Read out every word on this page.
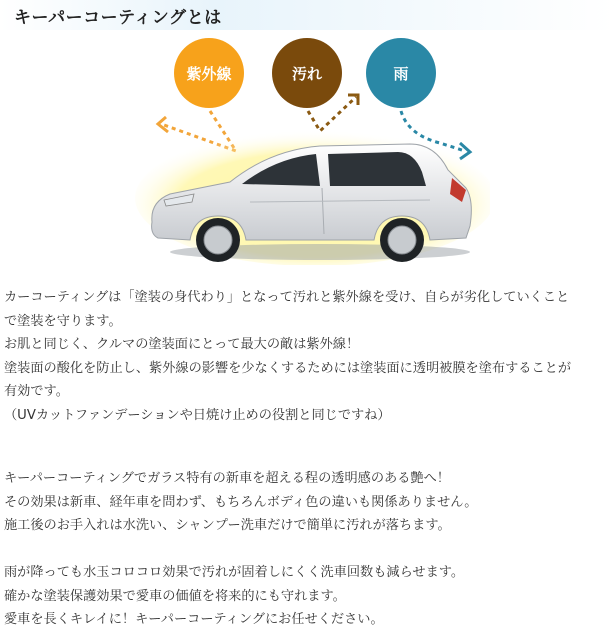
キーパーコーティングとは
紫外線	汚れ	雨

カーコーティングは「塗装の身代わり」となって汚れと紫外線を受け、自らが劣化していくこと

で塗装を守ります。

お肌と同じく、クルマの塗装面にとって最大の敵は紫外線！

塗装面の酸化を防止し、紫外線の影響を少なくするためには塗装面に透明被膜を塗布することが

有効です。

（UVカットファンデーションや日焼け止めの役割と同じですね）

キーパーコーティングでガラス特有の新車を超える程の透明感のある艶へ！

その効果は新車、経年車を問わず、もちろんボディ色の違いも関係ありません。

施工後のお手入れは水洗い、シャンプー洗車だけで簡単に汚れが落ちます。

雨が降っても水玉コロコロ効果で汚れが固着しにくく洗車回数も減らせます。

確かな塗装保護効果で愛車の価値を将来的にも守れます。

愛車を長くキレイに！キーパーコーティングにお任せください。
